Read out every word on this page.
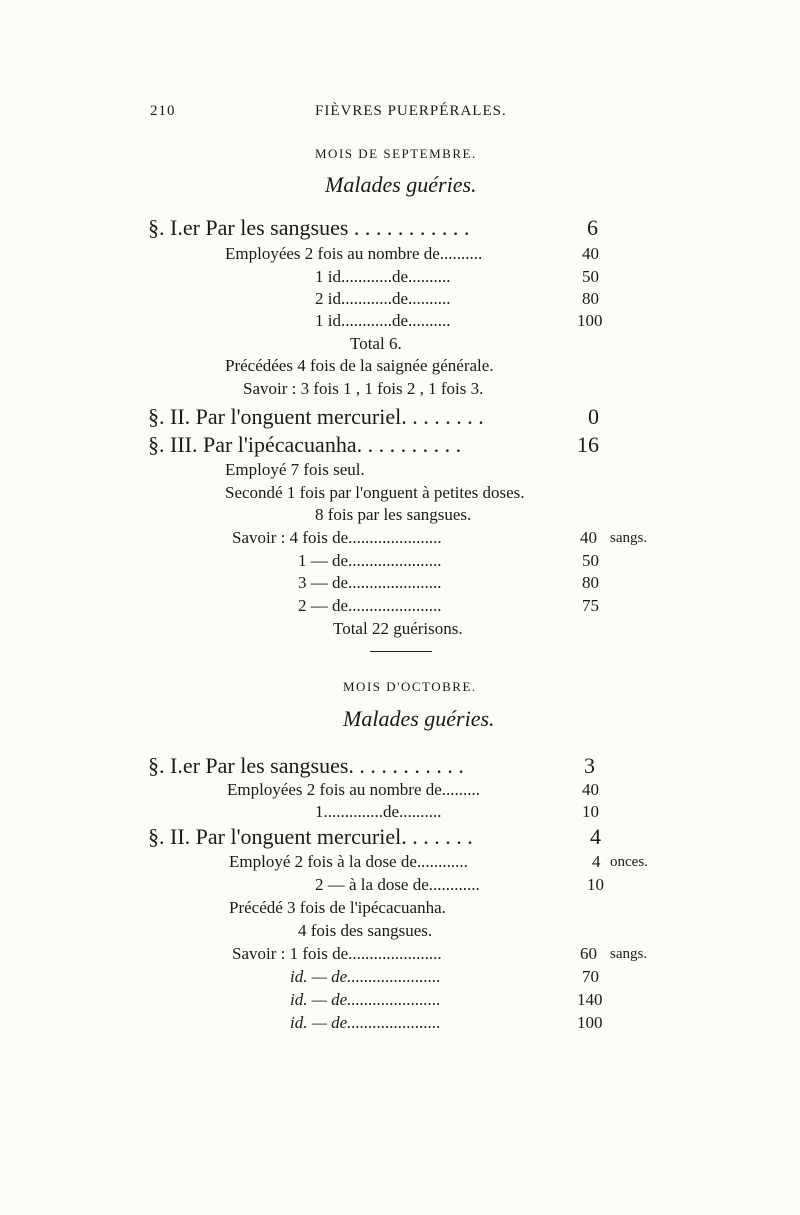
210	FIÈVRES PUERPÉRALES.
MOIS DE SEPTEMBRE.
Malades guéries.
§. I.er Par les sangsues . . . . . . . . . . .	6
Employées 2 fois au nombre de..........	40
1 id............de..........	50
2 id............de..........	80
1 id............de..........	100
Total 6.
Précédées 4 fois de la saignée générale.
Savoir : 3 fois 1 , 1 fois 2 , 1 fois 3.
§. II. Par l'onguent mercuriel. . . . . . . .	0
§. III. Par l'ipécacuanha. . . . . . . . . .	16
Employé 7 fois seul.
Secondé 1 fois par l'onguent à petites doses.
8 fois par les sangsues.
Savoir : 4 fois de......................	40 sangs.
1 — de......................	50
3 — de......................	80
2 — de......................	75
Total 22 guérisons.
MOIS D'OCTOBRE.
Malades guéries.
§. I.er Par les sangsues. . . . . . . . . . .	3
Employées 2 fois au nombre de.........	40
1..............de..........	10
§. II. Par l'onguent mercuriel. . . . . . .	4
Employé 2 fois à la dose de............	4 onces.
2 — à la dose de............	10
Précédé 3 fois de l'ipécacuanha.
4 fois des sangsues.
Savoir : 1 fois de......................	60 sangs.
id. — de......................	70
id. — de......................	140
id. — de......................	100
